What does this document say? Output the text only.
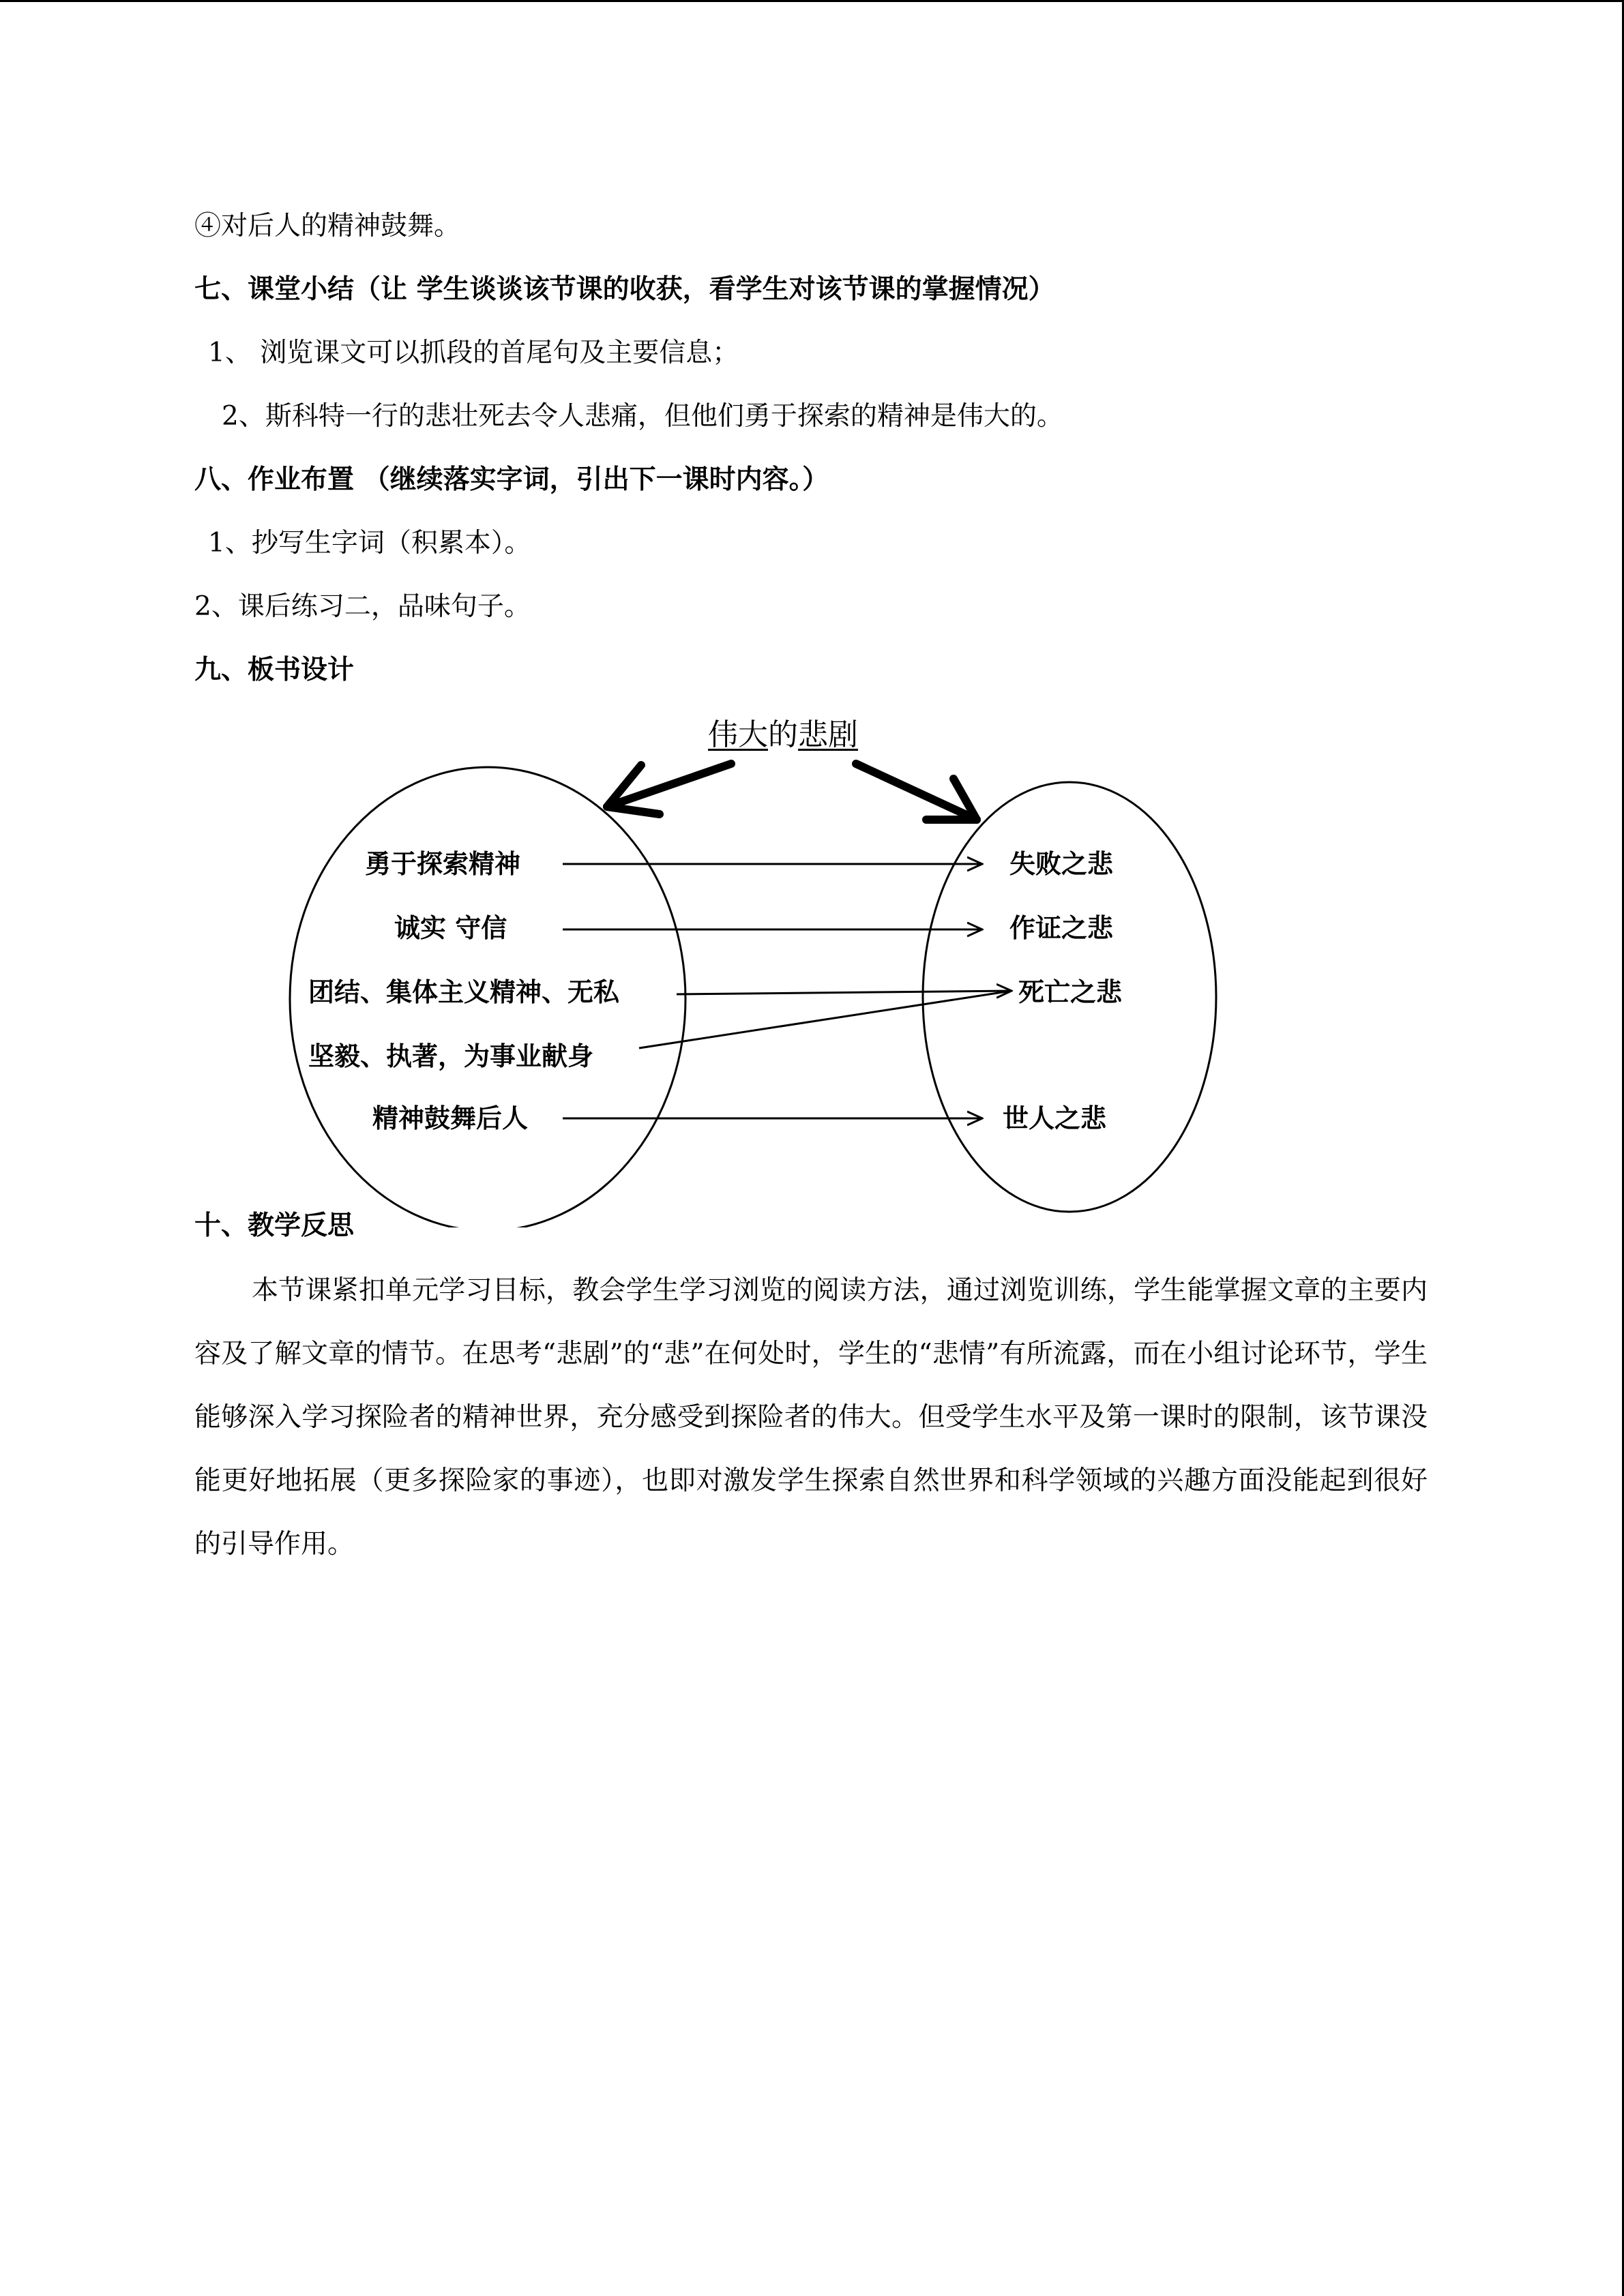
④对后人的精神鼓舞。
七、课堂小结（让 学生谈谈该节课的收获，看学生对该节课的掌握情况）
1、 浏览课文可以抓段的首尾句及主要信息；
2、斯科特一行的悲壮死去令人悲痛，但他们勇于探索的精神是伟大的。
八、作业布置 （继续落实字词，引出下一课时内容。）
1、抄写生字词（积累本）。
2、课后练习二，品味句子。
九、板书设计
伟大的悲剧
勇于探索精神
诚实 守信
团结、集体主义精神、无私
坚毅、执著，为事业献身
精神鼓舞后人
失败之悲
作证之悲
死亡之悲
世人之悲
十、教学反思
本节课紧扣单元学习目标，教会学生学习浏览的阅读方法，通过浏览训练，学生能掌握文章的主要内容及了解文章的情节。在思考“悲剧”的“悲”在何处时，学生的“悲情”有所流露，而在小组讨论环节，学生能够深入学习探险者的精神世界，充分感受到探险者的伟大。但受学生水平及第一课时的限制，该节课没能更好地拓展（更多探险家的事迹），也即对激发学生探索自然世界和科学领域的兴趣方面没能起到很好的引导作用。
